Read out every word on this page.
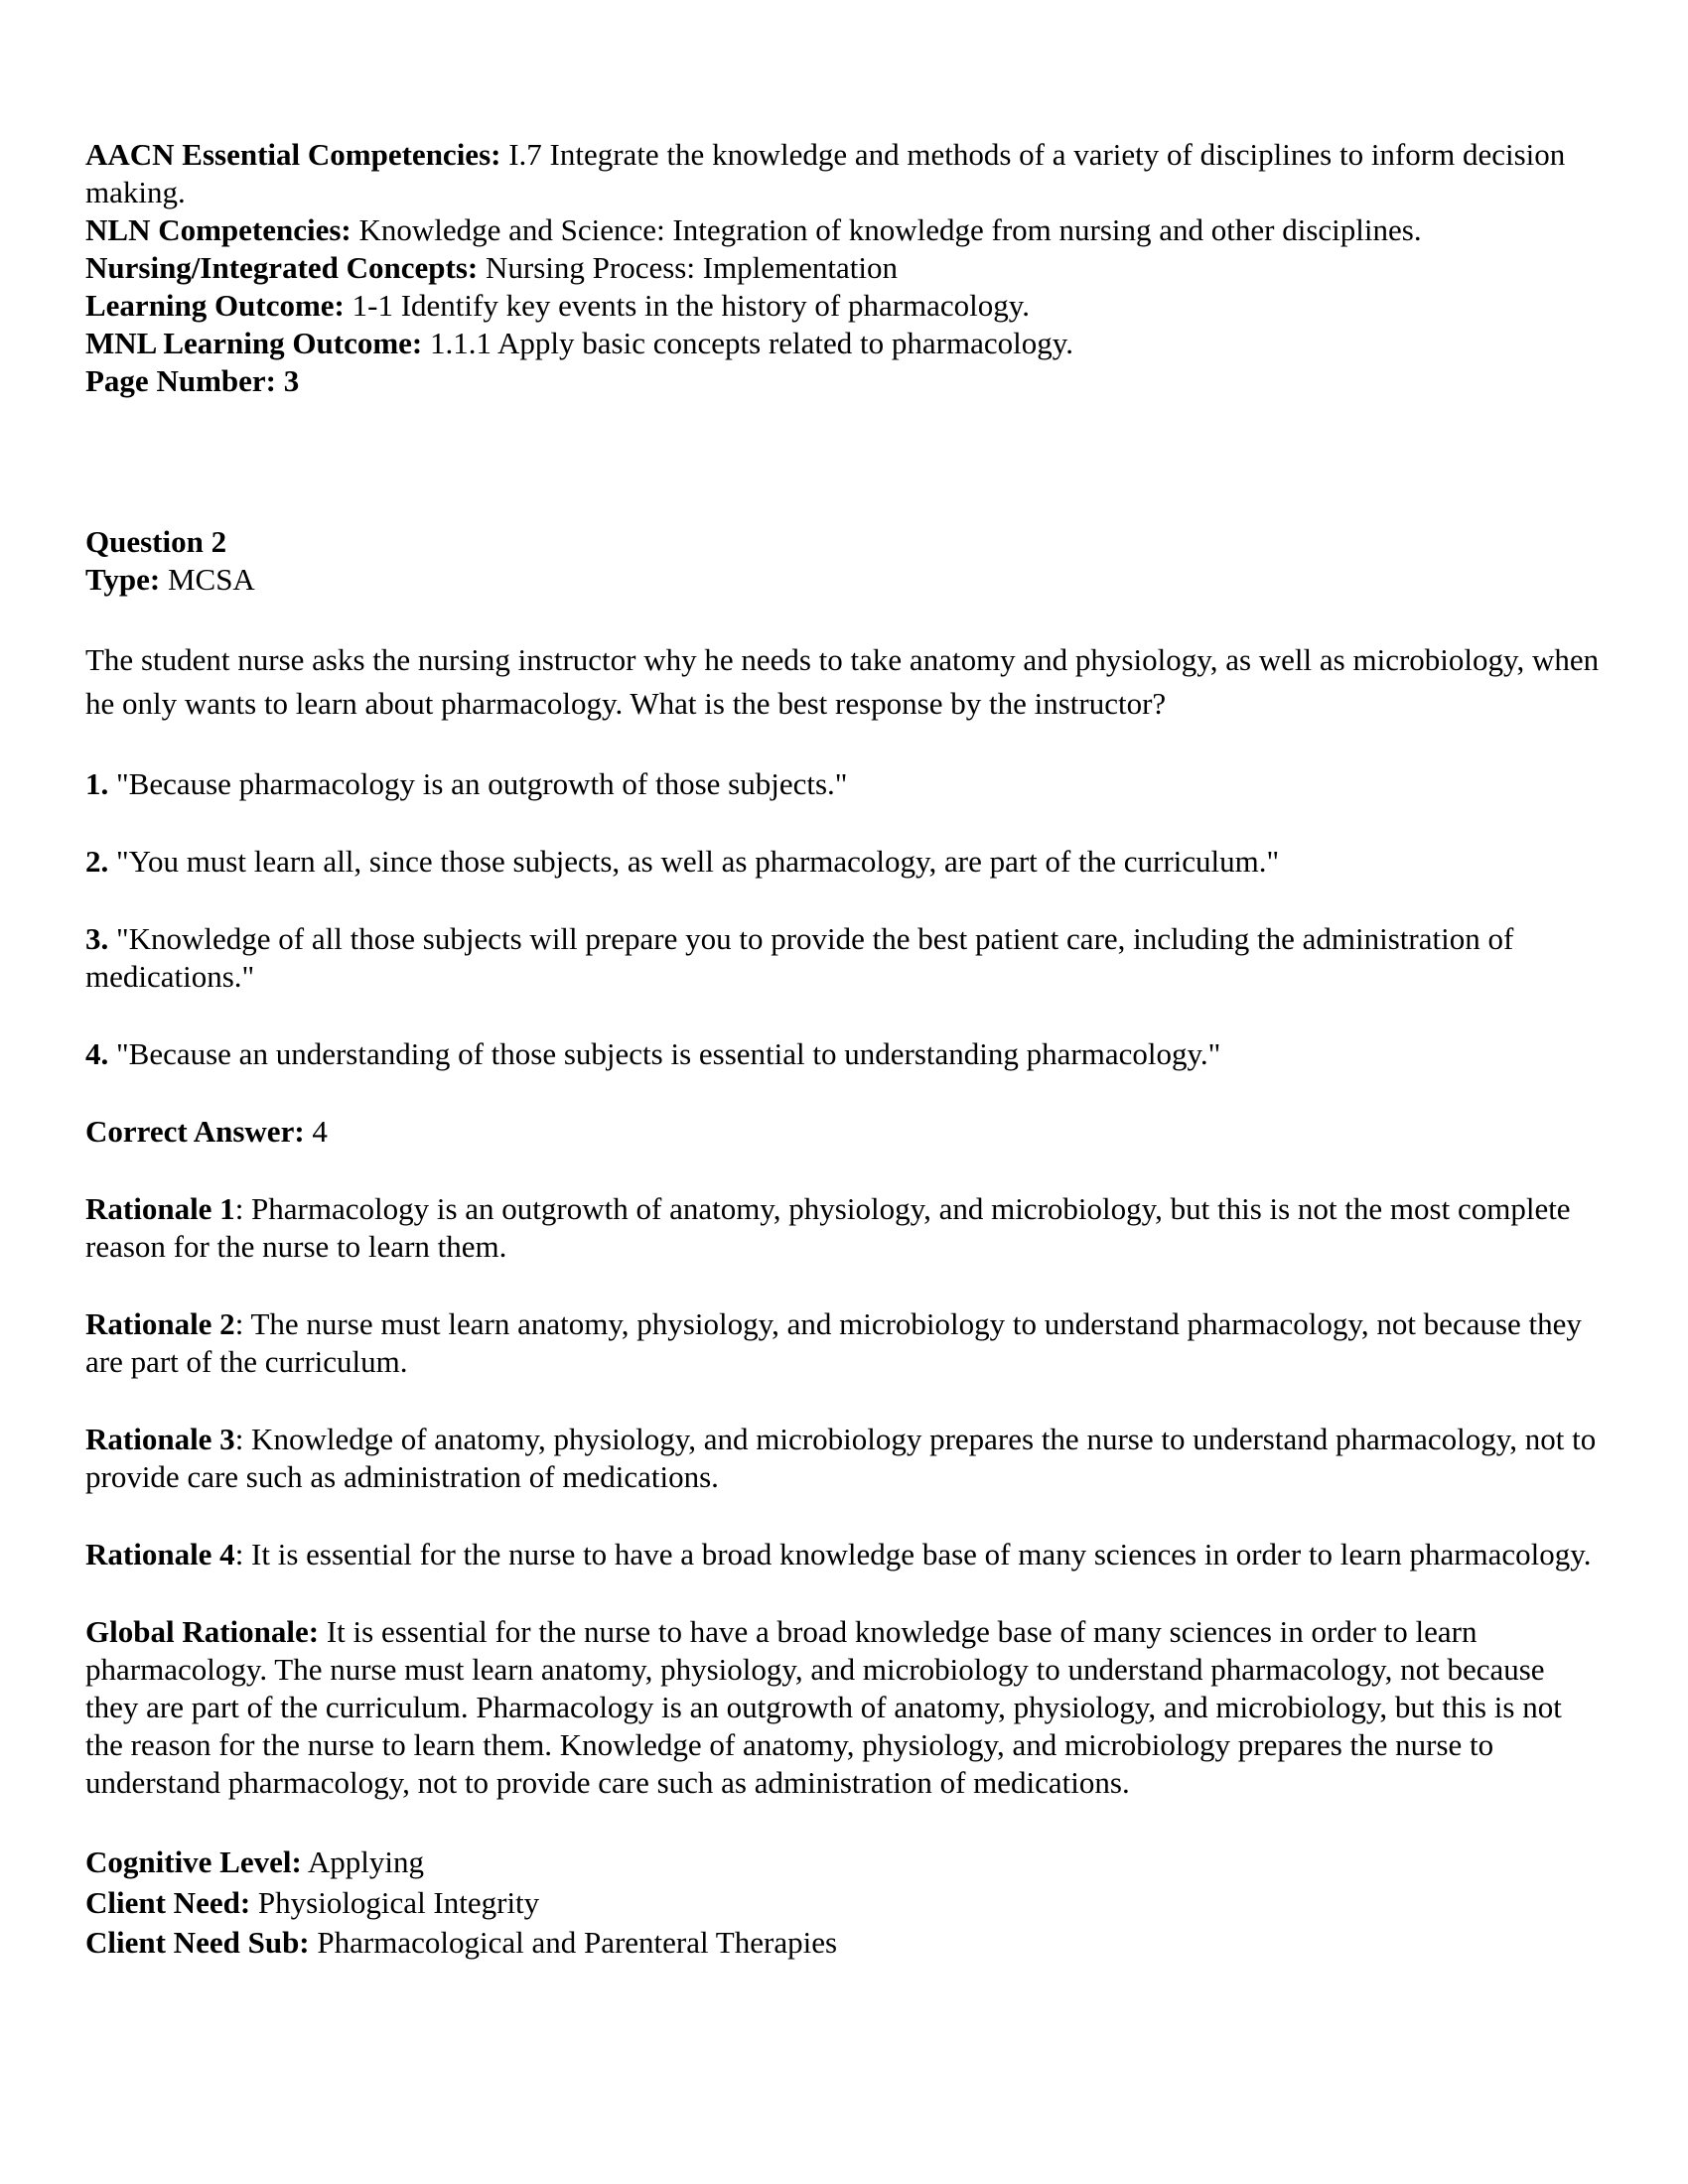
AACN Essential Competencies: I.7 Integrate the knowledge and methods of a variety of disciplines to inform decision making.

NLN Competencies: Knowledge and Science: Integration of knowledge from nursing and other disciplines.

Nursing/Integrated Concepts: Nursing Process: Implementation

Learning Outcome: 1-1 Identify key events in the history of pharmacology.

MNL Learning Outcome: 1.1.1 Apply basic concepts related to pharmacology.

Page Number: 3

Question 2

Type: MCSA

The student nurse asks the nursing instructor why he needs to take anatomy and physiology, as well as microbiology, when he only wants to learn about pharmacology. What is the best response by the instructor?

1. "Because pharmacology is an outgrowth of those subjects."

2. "You must learn all, since those subjects, as well as pharmacology, are part of the curriculum."

3. "Knowledge of all those subjects will prepare you to provide the best patient care, including the administration of medications."

4. "Because an understanding of those subjects is essential to understanding pharmacology."

Correct Answer: 4

Rationale 1: Pharmacology is an outgrowth of anatomy, physiology, and microbiology, but this is not the most complete reason for the nurse to learn them.

Rationale 2: The nurse must learn anatomy, physiology, and microbiology to understand pharmacology, not because they are part of the curriculum.

Rationale 3: Knowledge of anatomy, physiology, and microbiology prepares the nurse to understand pharmacology, not to provide care such as administration of medications.

Rationale 4: It is essential for the nurse to have a broad knowledge base of many sciences in order to learn pharmacology.

Global Rationale: It is essential for the nurse to have a broad knowledge base of many sciences in order to learn pharmacology. The nurse must learn anatomy, physiology, and microbiology to understand pharmacology, not because they are part of the curriculum. Pharmacology is an outgrowth of anatomy, physiology, and microbiology, but this is not the reason for the nurse to learn them. Knowledge of anatomy, physiology, and microbiology prepares the nurse to understand pharmacology, not to provide care such as administration of medications.

Cognitive Level: Applying

Client Need: Physiological Integrity

Client Need Sub: Pharmacological and Parenteral Therapies
